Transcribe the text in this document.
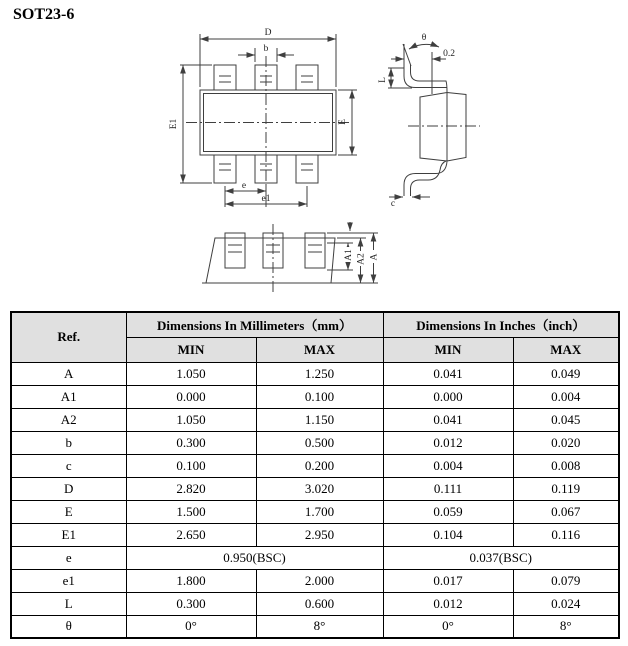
SOT23-6
D
b
E1	E
e
e1
θ
0.2
L
c
A1 A2 A
Ref.	Dimensions In Millimeters（mm）		Dimensions In Inches（inch）	
	MIN	MAX	MIN	MAX
A	1.050	1.250	0.041	0.049
A1	0.000	0.100	0.000	0.004
A2	1.050	1.150	0.041	0.045
b	0.300	0.500	0.012	0.020
c	0.100	0.200	0.004	0.008
D	2.820	3.020	0.111	0.119
E	1.500	1.700	0.059	0.067
E1	2.650	2.950	0.104	0.116
e	0.950(BSC)		0.037(BSC)	
e1	1.800	2.000	0.017	0.079
L	0.300	0.600	0.012	0.024
θ	0°	8°	0°	8°
